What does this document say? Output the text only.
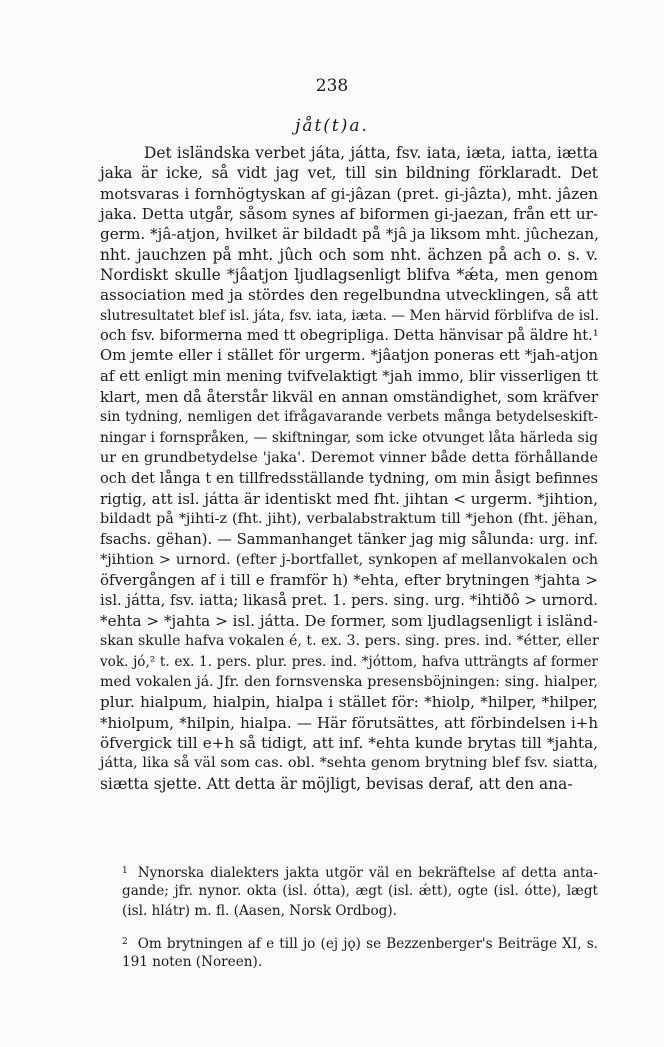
238
jåt(t)a.
Det isländska verbet játa, játta, fsv. iata, iæta, iatta, iætta
jaka är icke, så vidt jag vet, till sin bildning förklaradt. Det
motsvaras i fornhögtyskan af gi-jâzan (pret. gi-jâzta), mht. jâzen
jaka. Detta utgår, såsom synes af biformen gi-jaezan, från ett ur-
germ. *jâ-atjon, hvilket är bildadt på *jâ ja liksom mht. jûchezan,
nht. jauchzen på mht. jûch och som nht. ächzen på ach o. s. v.
Nordiskt skulle *jâatjon ljudlagsenligt blifva *ǽta, men genom
association med ja stördes den regelbundna utvecklingen, så att
slutresultatet blef isl. játa, fsv. iata, iæta. — Men härvid förblifva de isl.
och fsv. biformerna med tt obegripliga. Detta hänvisar på äldre ht.¹
Om jemte eller i stället för urgerm. *jâatjon poneras ett *jah-atjon
af ett enligt min mening tvifvelaktigt *jah immo, blir visserligen tt
klart, men då återstår likväl en annan omständighet, som kräfver
sin tydning, nemligen det ifrågavarande verbets många betydelseskift-
ningar i fornspråken, — skiftningar, som icke otvunget låta härleda sig
ur en grundbetydelse 'jaka'. Deremot vinner både detta förhållande
och det långa t en tillfredsställande tydning, om min åsigt befinnes
rigtig, att isl. játta är identiskt med fht. jihtan < urgerm. *jihtion,
bildadt på *jihti-z (fht. jiht), verbalabstraktum till *jehon (fht. jëhan,
fsachs. gëhan). — Sammanhanget tänker jag mig sålunda: urg. inf.
*jihtion > urnord. (efter j-bortfallet, synkopen af mellanvokalen och
öfvergången af i till e framför h) *ehta, efter brytningen *jahta >
isl. játta, fsv. iatta; likaså pret. 1. pers. sing. urg. *ihtiðô > urnord.
*ehta > *jahta > isl. játta. De former, som ljudlagsenligt i isländ-
skan skulle hafva vokalen é, t. ex. 3. pers. sing. pres. ind. *étter, eller
vok. jó,² t. ex. 1. pers. plur. pres. ind. *jóttom, hafva utträngts af former
med vokalen já. Jfr. den fornsvenska presensböjningen: sing. hialper,
plur. hialpum, hialpin, hialpa i stället för: *hiolp, *hilper, *hilper,
*hiolpum, *hilpin, hialpa. — Här förutsättes, att förbindelsen i+h
öfvergick till e+h så tidigt, att inf. *ehta kunde brytas till *jahta,
játta, lika så väl som cas. obl. *sehta genom brytning blef fsv. siatta,
siætta sjette. Att detta är möjligt, bevisas deraf, att den ana-
$^1$ Nynorska dialekters jakta utgör väl en bekräftelse af detta anta-
gande; jfr. nynor. okta (isl. ótta), ægt (isl. ǽtt), ogte (isl. ótte), lægt
(isl. hlátr) m. fl. (Aasen, Norsk Ordbog).
$^2$ Om brytningen af e till jo (ej jǫ) se Bezzenberger's Beiträge XI, s.
191 noten (Noreen).
